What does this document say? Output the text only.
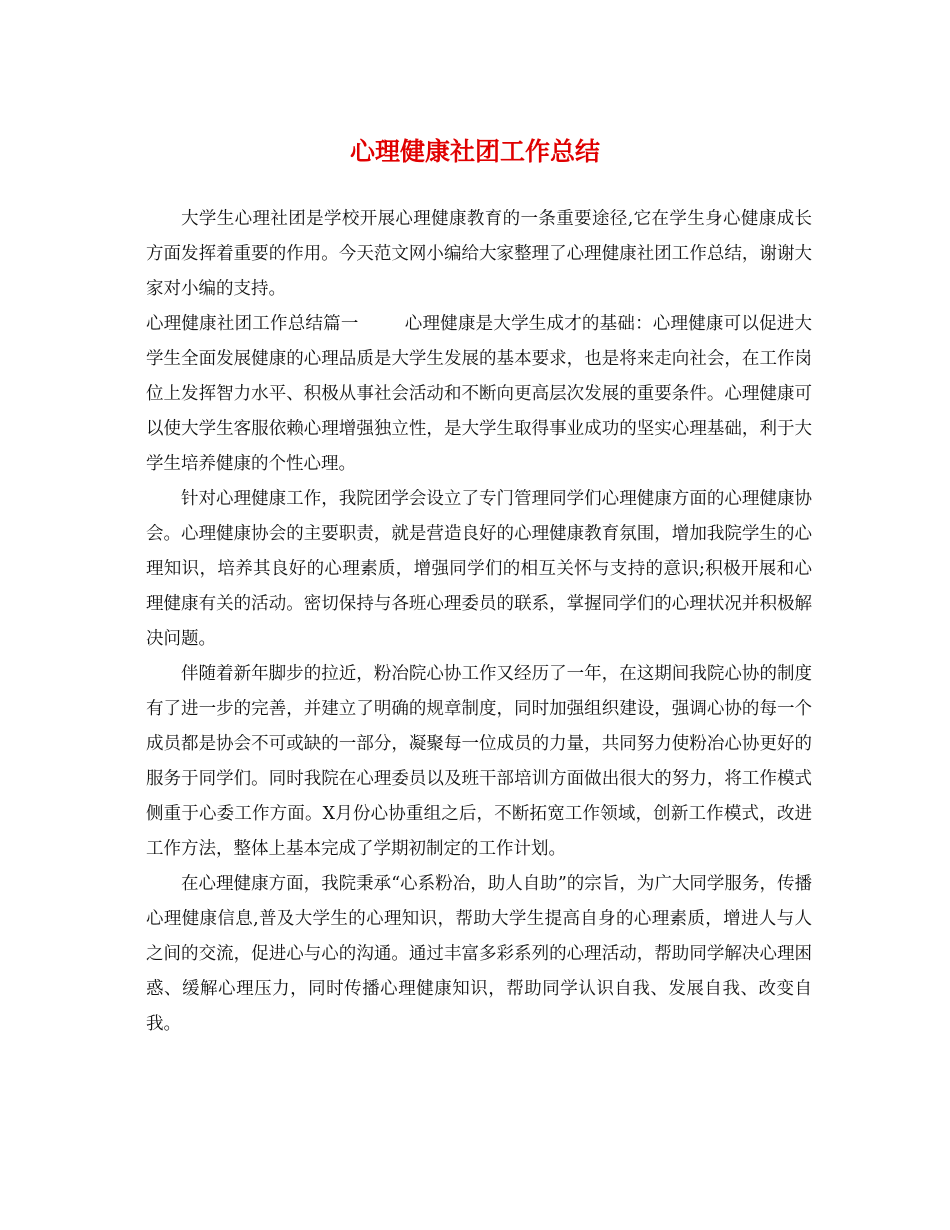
心理健康社团工作总结

大学生心理社团是学校开展心理健康教育的一条重要途径,它在学生身心健康成长方面发挥着重要的作用。今天范文网小编给大家整理了心理健康社团工作总结，谢谢大家对小编的支持。

心理健康社团工作总结篇一	心理健康是大学生成才的基础：心理健康可以促进大学生全面发展健康的心理品质是大学生发展的基本要求，也是将来走向社会，在工作岗位上发挥智力水平、积极从事社会活动和不断向更高层次发展的重要条件。心理健康可以使大学生客服依赖心理增强独立性，是大学生取得事业成功的坚实心理基础，利于大学生培养健康的个性心理。

针对心理健康工作，我院团学会设立了专门管理同学们心理健康方面的心理健康协会。心理健康协会的主要职责，就是营造良好的心理健康教育氛围，增加我院学生的心理知识，培养其良好的心理素质，增强同学们的相互关怀与支持的意识;积极开展和心理健康有关的活动。密切保持与各班心理委员的联系，掌握同学们的心理状况并积极解决问题。

伴随着新年脚步的拉近，粉冶院心协工作又经历了一年，在这期间我院心协的制度有了进一步的完善，并建立了明确的规章制度，同时加强组织建设，强调心协的每一个成员都是协会不可或缺的一部分，凝聚每一位成员的力量，共同努力使粉冶心协更好的服务于同学们。同时我院在心理委员以及班干部培训方面做出很大的努力，将工作模式侧重于心委工作方面。X月份心协重组之后，不断拓宽工作领域，创新工作模式，改进工作方法，整体上基本完成了学期初制定的工作计划。

在心理健康方面，我院秉承“心系粉冶，助人自助”的宗旨，为广大同学服务，传播心理健康信息,普及大学生的心理知识，帮助大学生提高自身的心理素质，增进人与人之间的交流，促进心与心的沟通。通过丰富多彩系列的心理活动，帮助同学解决心理困惑、缓解心理压力，同时传播心理健康知识，帮助同学认识自我、发展自我、改变自我。
